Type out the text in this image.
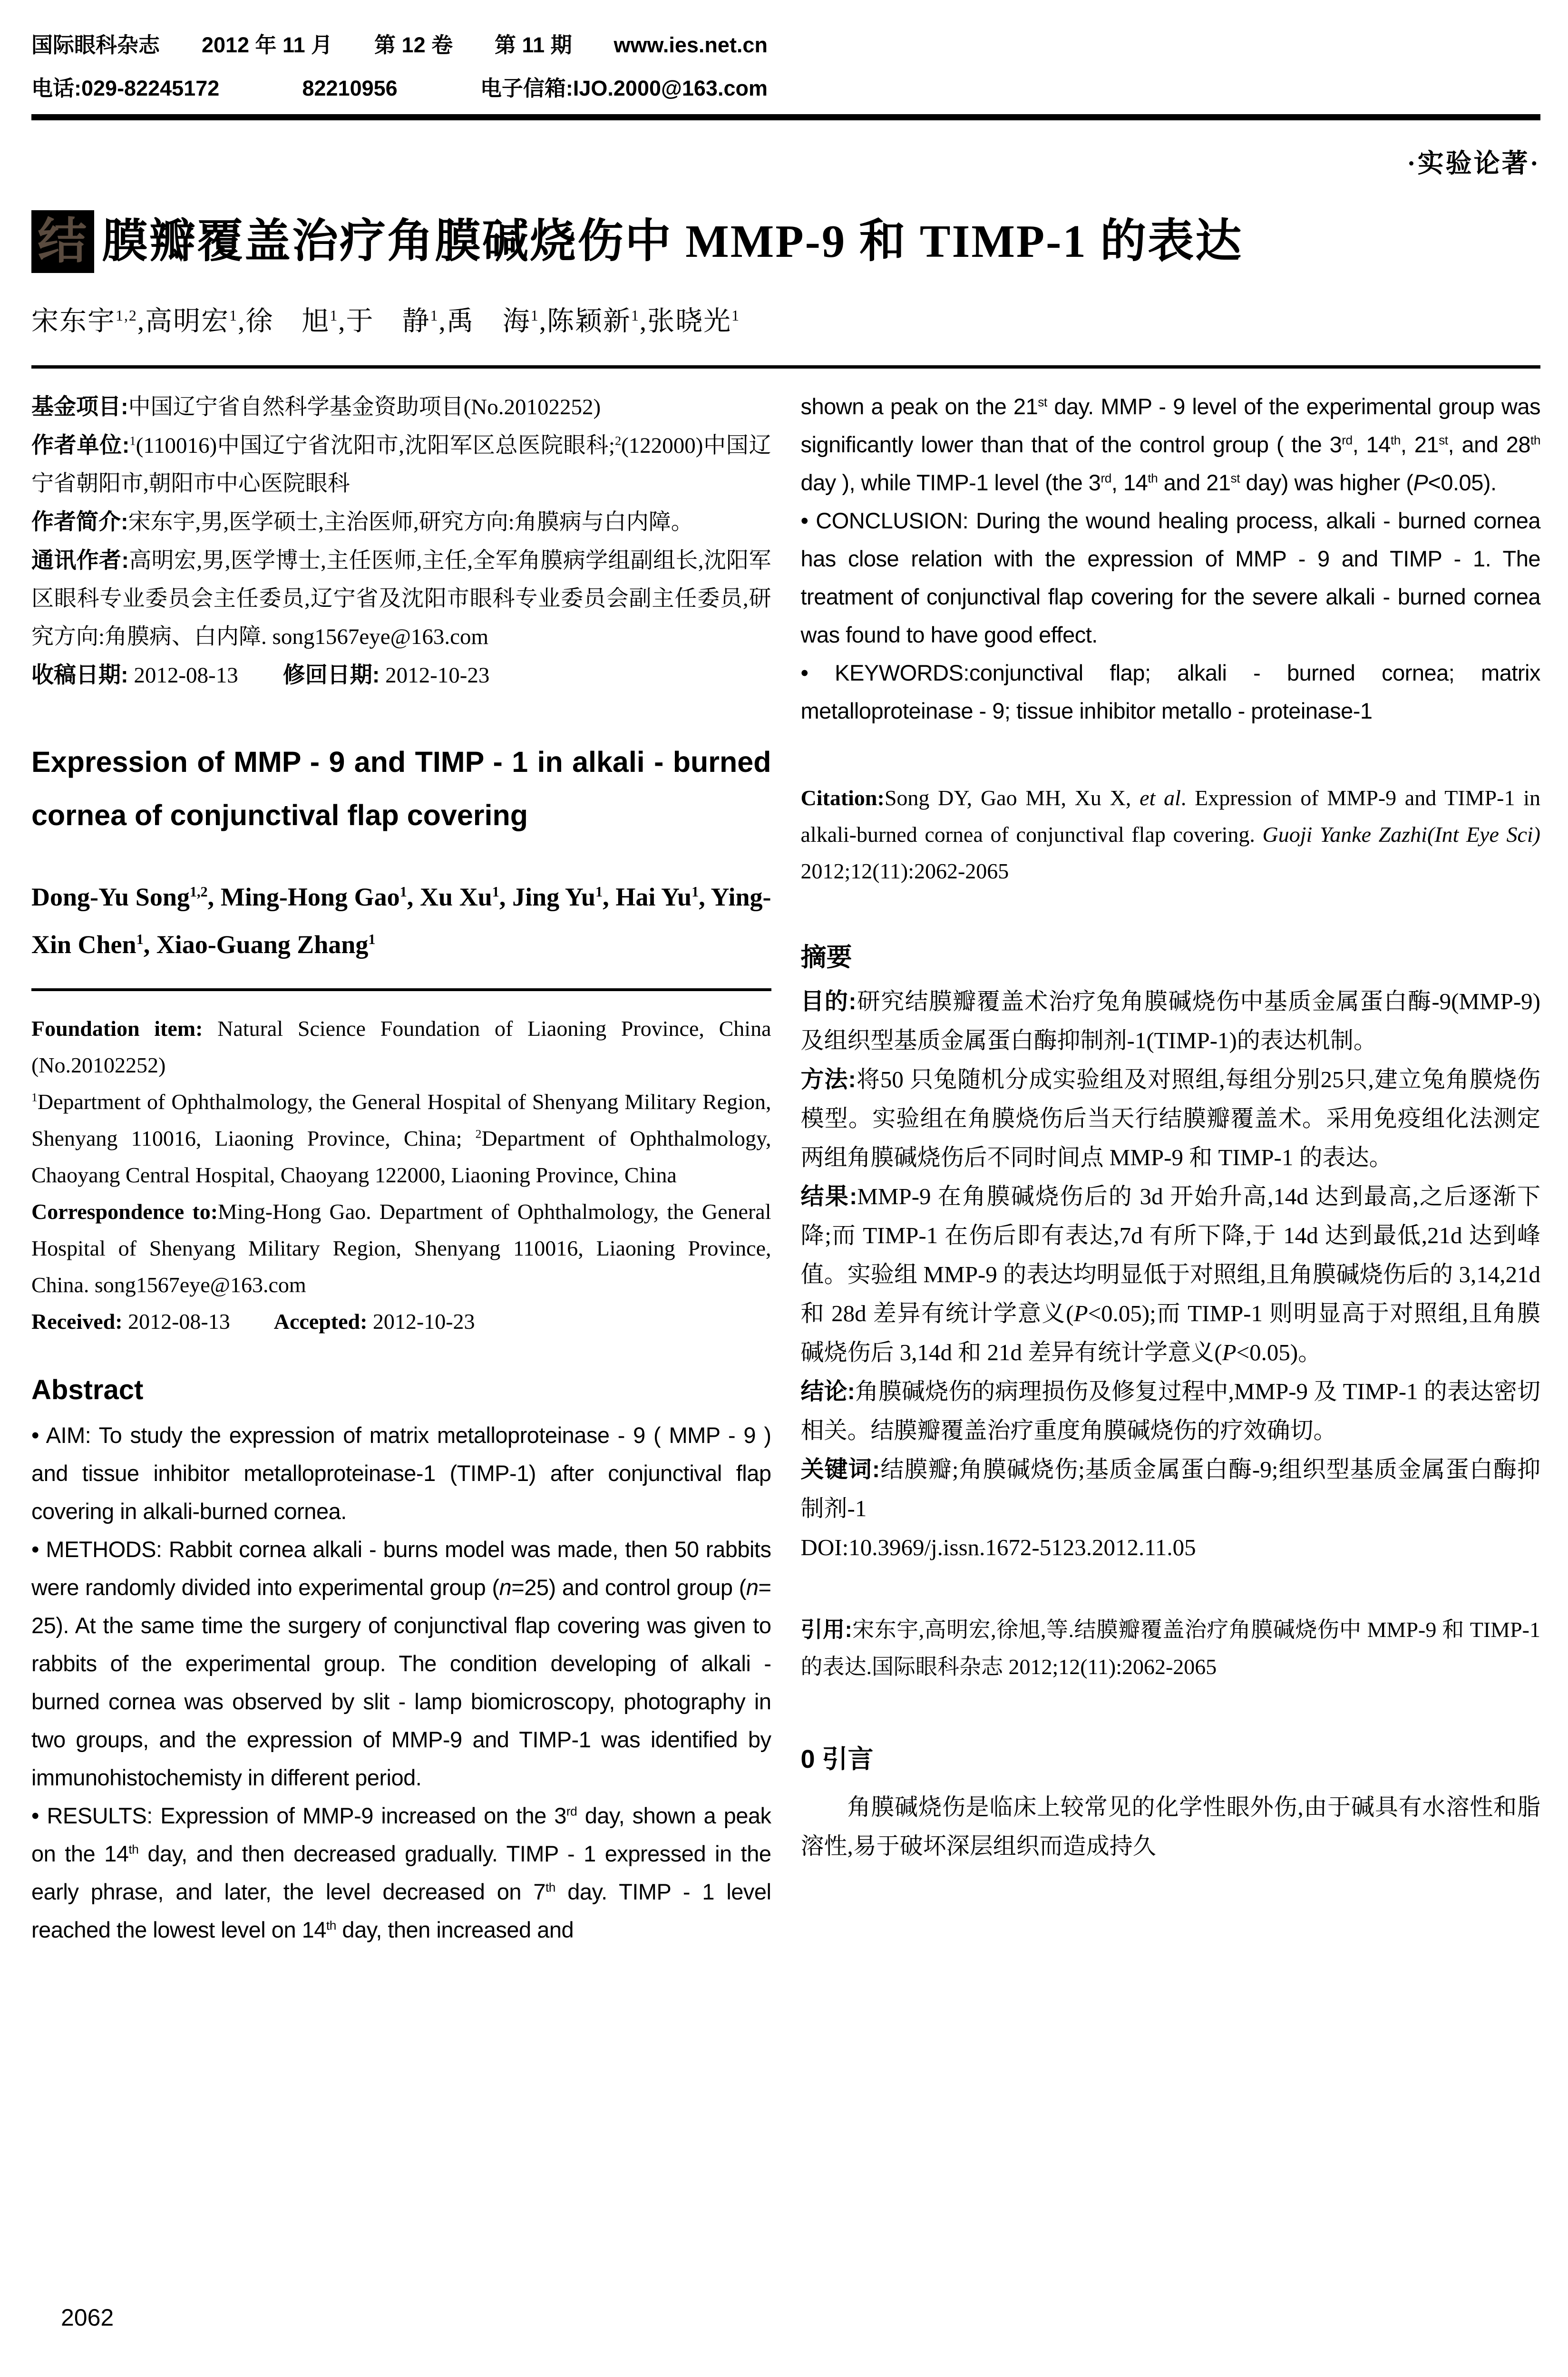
国际眼科杂志 2012 年 11 月 第 12 卷 第 11 期 www.ies.net.cn
电话:029-82245172	82210956	电子信箱:IJO.2000@163.com
·实验论著·
结 膜瓣覆盖治疗角膜碱烧伤中 MMP-9 和 TIMP-1 的表达
宋东宇$^{1,2}$,高明宏$^1$,徐　旭$^1$,于　静$^1$,禹　海$^1$,陈颖新$^1$,张晓光$^1$

基金项目:中国辽宁省自然科学基金资助项目(No.20102252)

作者单位:$^1$(110016)中国辽宁省沈阳市,沈阳军区总医院眼科;$^2$(122000)中国辽宁省朝阳市,朝阳市中心医院眼科

作者简介:宋东宇,男,医学硕士,主治医师,研究方向:角膜病与白内障。

通讯作者:高明宏,男,医学博士,主任医师,主任,全军角膜病学组副组长,沈阳军区眼科专业委员会主任委员,辽宁省及沈阳市眼科专业委员会副主任委员,研究方向:角膜病、白内障. song1567eye@163.com

收稿日期: 2012-08-13　　修回日期: 2012-10-23

Expression of MMP - 9 and TIMP - 1 in alkali - burned cornea of conjunctival flap covering
Dong-Yu Song$^{1,2}$, Ming-Hong Gao$^1$, Xu Xu$^1$, Jing Yu$^1$, Hai Yu$^1$, Ying-Xin Chen$^1$, Xiao-Guang Zhang$^1$

Foundation item: Natural Science Foundation of Liaoning Province, China (No.20102252)

$^1$Department of Ophthalmology, the General Hospital of Shenyang Military Region, Shenyang 110016, Liaoning Province, China; $^2$Department of Ophthalmology, Chaoyang Central Hospital, Chaoyang 122000, Liaoning Province, China

Correspondence to:Ming-Hong Gao. Department of Ophthalmology, the General Hospital of Shenyang Military Region, Shenyang 110016, Liaoning Province, China. song1567eye@163.com

Received: 2012-08-13　　Accepted: 2012-10-23

Abstract

• AIM: To study the expression of matrix metalloproteinase - 9 ( MMP - 9 ) and tissue inhibitor metalloproteinase-1 (TIMP-1) after conjunctival flap covering in alkali-burned cornea.

• METHODS: Rabbit cornea alkali - burns model was made, then 50 rabbits were randomly divided into experimental group (n=25) and control group (n= 25). At the same time the surgery of conjunctival flap covering was given to rabbits of the experimental group. The condition developing of alkali - burned cornea was observed by slit - lamp biomicroscopy, photography in two groups, and the expression of MMP-9 and TIMP-1 was identified by immunohistochemisty in different period.

• RESULTS: Expression of MMP-9 increased on the 3rd day, shown a peak on the 14th day, and then decreased gradually. TIMP - 1 expressed in the early phrase, and later, the level decreased on 7th day. TIMP - 1 level reached the lowest level on 14th day, then increased and

shown a peak on the 21st day. MMP - 9 level of the experimental group was significantly lower than that of the control group ( the 3rd, 14th, 21st, and 28th day ), while TIMP-1 level (the 3rd, 14th and 21st day) was higher (P<0.05).

• CONCLUSION: During the wound healing process, alkali - burned cornea has close relation with the expression of MMP - 9 and TIMP - 1. The treatment of conjunctival flap covering for the severe alkali - burned cornea was found to have good effect.

• KEYWORDS:conjunctival flap; alkali - burned cornea; matrix metalloproteinase - 9; tissue inhibitor metallo - proteinase-1

Citation:Song DY, Gao MH, Xu X, et al. Expression of MMP-9 and TIMP-1 in alkali-burned cornea of conjunctival flap covering. Guoji Yanke Zazhi(Int Eye Sci) 2012;12(11):2062-2065

摘要

目的:研究结膜瓣覆盖术治疗兔角膜碱烧伤中基质金属蛋白酶-9(MMP-9)及组织型基质金属蛋白酶抑制剂-1(TIMP-1)的表达机制。

方法:将50 只兔随机分成实验组及对照组,每组分别25只,建立兔角膜烧伤模型。实验组在角膜烧伤后当天行结膜瓣覆盖术。采用免疫组化法测定两组角膜碱烧伤后不同时间点 MMP-9 和 TIMP-1 的表达。

结果:MMP-9 在角膜碱烧伤后的 3d 开始升高,14d 达到最高,之后逐渐下降;而 TIMP-1 在伤后即有表达,7d 有所下降,于 14d 达到最低,21d 达到峰值。实验组 MMP-9 的表达均明显低于对照组,且角膜碱烧伤后的 3,14,21d 和 28d 差异有统计学意义(P<0.05);而 TIMP-1 则明显高于对照组,且角膜碱烧伤后 3,14d 和 21d 差异有统计学意义(P<0.05)。

结论:角膜碱烧伤的病理损伤及修复过程中,MMP-9 及 TIMP-1 的表达密切相关。结膜瓣覆盖治疗重度角膜碱烧伤的疗效确切。

关键词:结膜瓣;角膜碱烧伤;基质金属蛋白酶-9;组织型基质金属蛋白酶抑制剂-1

DOI:10.3969/j.issn.1672-5123.2012.11.05

引用:宋东宇,高明宏,徐旭,等.结膜瓣覆盖治疗角膜碱烧伤中 MMP-9 和 TIMP-1 的表达.国际眼科杂志 2012;12(11):2062-2065

0 引言

角膜碱烧伤是临床上较常见的化学性眼外伤,由于碱具有水溶性和脂溶性,易于破坏深层组织而造成持久

2062
